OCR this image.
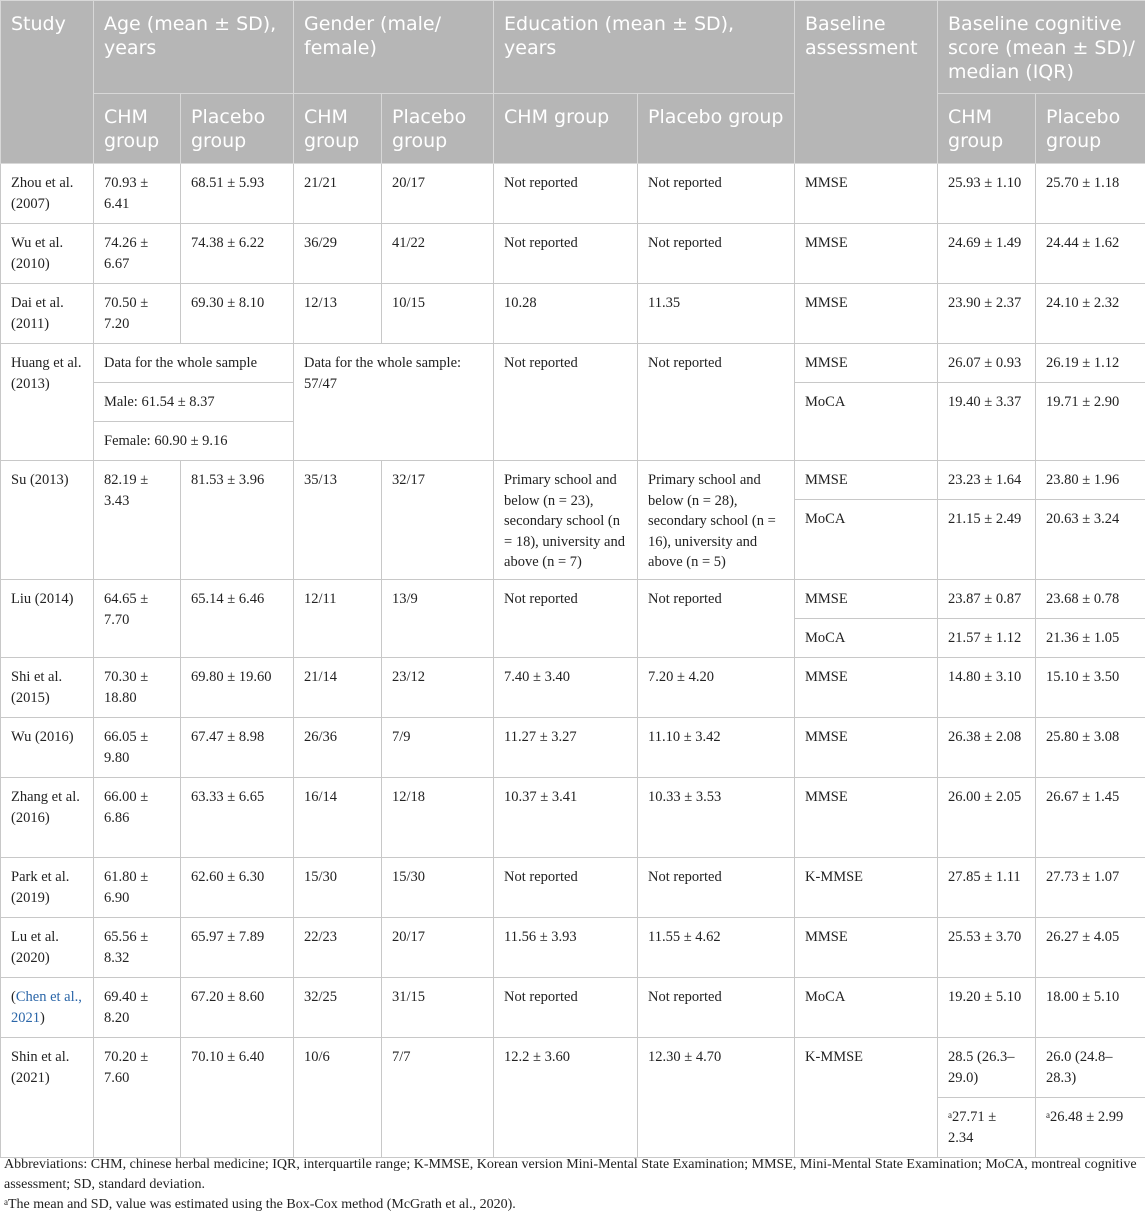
Study	Age (mean ± SD), years		Gender (male/ female)		Education (mean ± SD), years		Baseline assessment	Baseline cognitive score (mean ± SD)/ median (IQR)	
	CHM group	Placebo group	CHM group	Placebo group	CHM group	Placebo group		CHM group	Placebo group
Zhou et al. (2007)	70.93 ± 6.41	68.51 ± 5.93	21/21	20/17	Not reported	Not reported	MMSE	25.93 ± 1.10	25.70 ± 1.18
Wu et al. (2010)	74.26 ± 6.67	74.38 ± 6.22	36/29	41/22	Not reported	Not reported	MMSE	24.69 ± 1.49	24.44 ± 1.62
Dai et al. (2011)	70.50 ± 7.20	69.30 ± 8.10	12/13	10/15	10.28	11.35	MMSE	23.90 ± 2.37	24.10 ± 2.32
Huang et al. (2013)	Data for the whole sample		Data for the whole sample: 57/47		Not reported	Not reported	MMSE	26.07 ± 0.93	26.19 ± 1.12
	Male: 61.54 ± 8.37						MoCA	19.40 ± 3.37	19.71 ± 2.90
	Female: 60.90 ± 9.16								
Su (2013)	82.19 ± 3.43	81.53 ± 3.96	35/13	32/17	Primary school and below (n = 23), secondary school (n = 18), university and above (n = 7)	Primary school and below (n = 28), secondary school (n = 16), university and above (n = 5)	MMSE	23.23 ± 1.64	23.80 ± 1.96
							MoCA	21.15 ± 2.49	20.63 ± 3.24
Liu (2014)	64.65 ± 7.70	65.14 ± 6.46	12/11	13/9	Not reported	Not reported	MMSE	23.87 ± 0.87	23.68 ± 0.78
							MoCA	21.57 ± 1.12	21.36 ± 1.05
Shi et al. (2015)	70.30 ± 18.80	69.80 ± 19.60	21/14	23/12	7.40 ± 3.40	7.20 ± 4.20	MMSE	14.80 ± 3.10	15.10 ± 3.50
Wu (2016)	66.05 ± 9.80	67.47 ± 8.98	26/36	7/9	11.27 ± 3.27	11.10 ± 3.42	MMSE	26.38 ± 2.08	25.80 ± 3.08
Zhang et al. (2016)	66.00 ± 6.86	63.33 ± 6.65	16/14	12/18	10.37 ± 3.41	10.33 ± 3.53	MMSE	26.00 ± 2.05	26.67 ± 1.45
Park et al. (2019)	61.80 ± 6.90	62.60 ± 6.30	15/30	15/30	Not reported	Not reported	K-MMSE	27.85 ± 1.11	27.73 ± 1.07
Lu et al. (2020)	65.56 ± 8.32	65.97 ± 7.89	22/23	20/17	11.56 ± 3.93	11.55 ± 4.62	MMSE	25.53 ± 3.70	26.27 ± 4.05
(Chen et al., 2021)	69.40 ± 8.20	67.20 ± 8.60	32/25	31/15	Not reported	Not reported	MoCA	19.20 ± 5.10	18.00 ± 5.10
Shin et al. (2021)	70.20 ± 7.60	70.10 ± 6.40	10/6	7/7	12.2 ± 3.60	12.30 ± 4.70	K-MMSE	28.5 (26.3–29.0)	26.0 (24.8–28.3)
								$^a$27.71 ± 2.34	$^a$26.48 ± 2.99

Abbreviations: CHM, chinese herbal medicine; IQR, interquartile range; K-MMSE, Korean version Mini-Mental State Examination; MMSE, Mini-Mental State Examination; MoCA, montreal cognitive assessment; SD, standard deviation.

$^a$The mean and SD, value was estimated using the Box-Cox method (McGrath et al., 2020).
